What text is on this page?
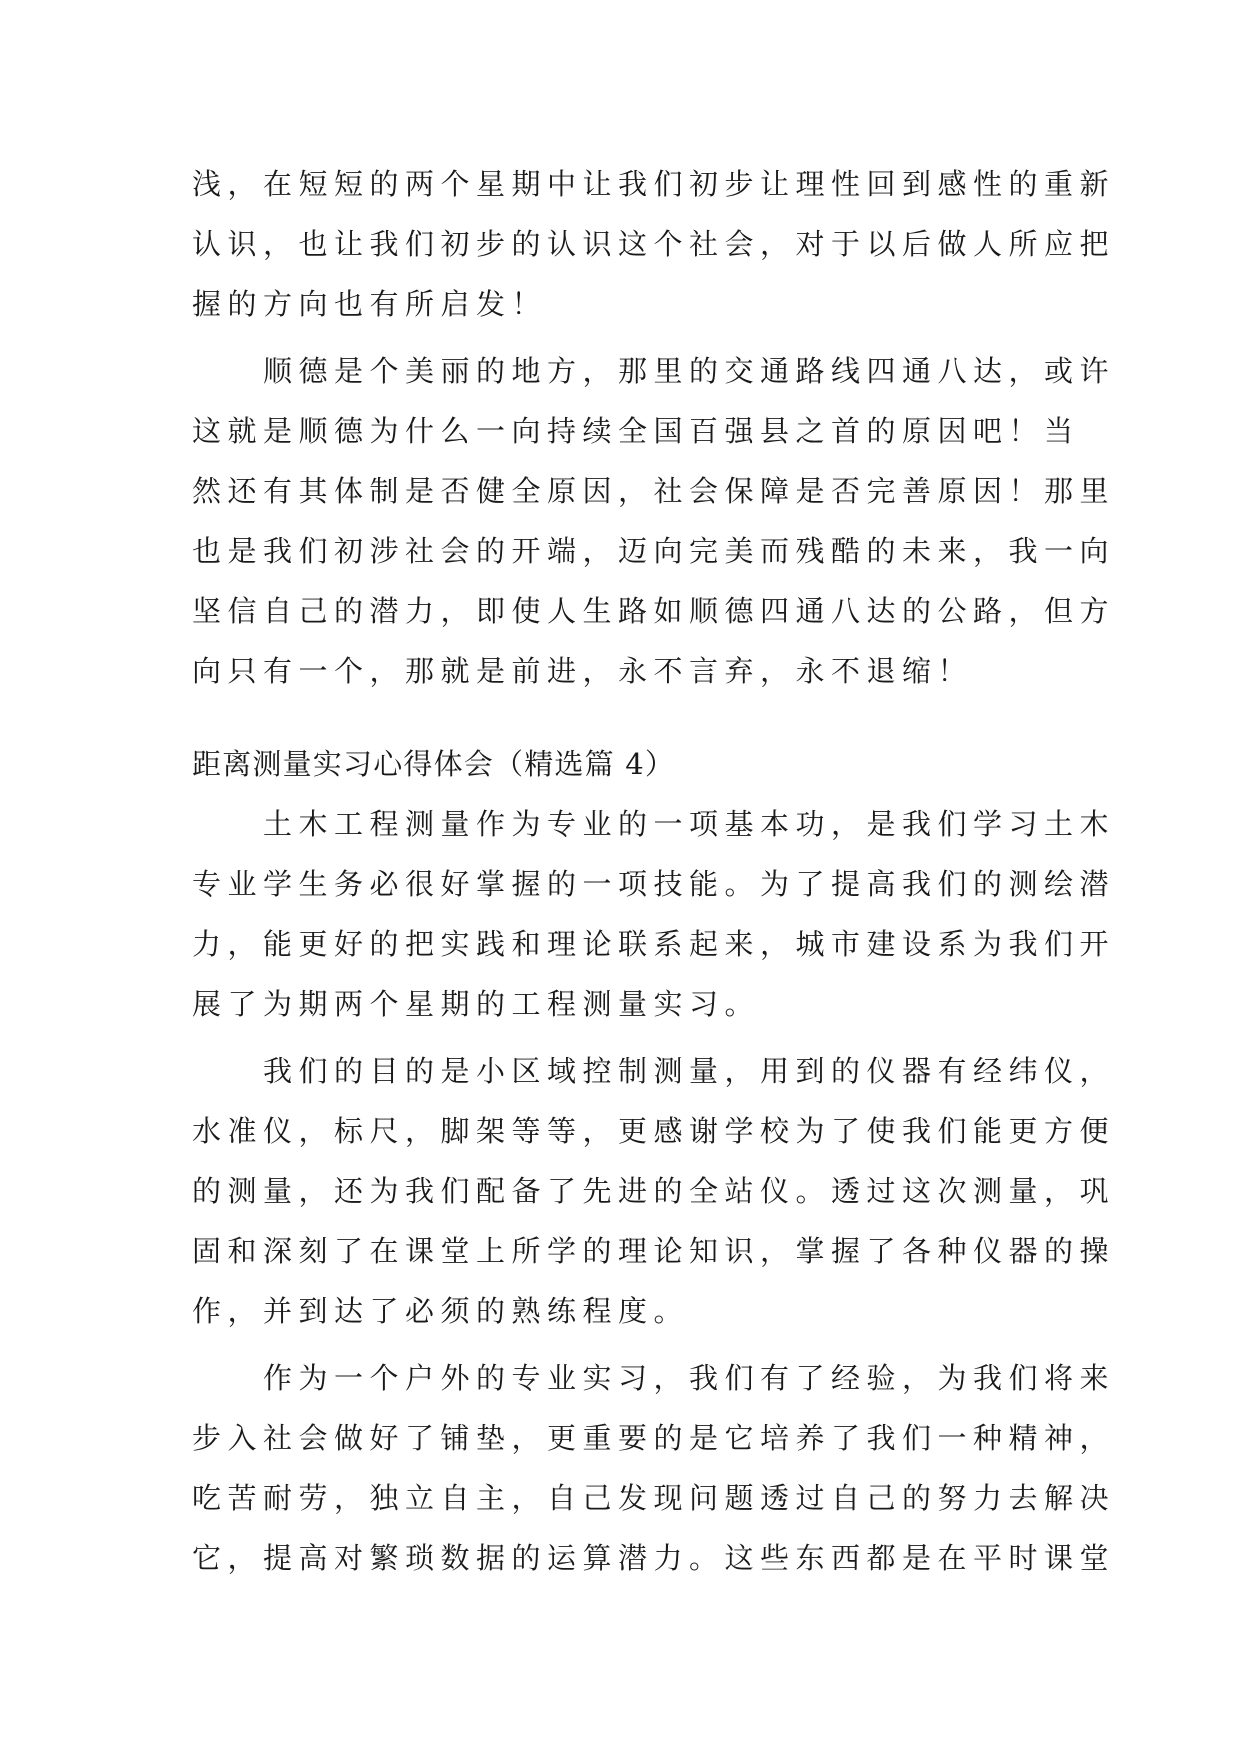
浅，在短短的两个星期中让我们初步让理性回到感性的重新

认识，也让我们初步的认识这个社会，对于以后做人所应把

握的方向也有所启发！

　　顺德是个美丽的地方，那里的交通路线四通八达，或许

这就是顺德为什么一向持续全国百强县之首的原因吧！当

然还有其体制是否健全原因，社会保障是否完善原因！那里

也是我们初涉社会的开端，迈向完美而残酷的未来，我一向

坚信自己的潜力，即使人生路如顺德四通八达的公路，但方

向只有一个，那就是前进，永不言弃，永不退缩！

距离测量实习心得体会（精选篇 4）

　　土木工程测量作为专业的一项基本功，是我们学习土木

专业学生务必很好掌握的一项技能。为了提高我们的测绘潜

力，能更好的把实践和理论联系起来，城市建设系为我们开

展了为期两个星期的工程测量实习。

　　我们的目的是小区域控制测量，用到的仪器有经纬仪，

水准仪，标尺，脚架等等，更感谢学校为了使我们能更方便

的测量，还为我们配备了先进的全站仪。透过这次测量，巩

固和深刻了在课堂上所学的理论知识，掌握了各种仪器的操

作，并到达了必须的熟练程度。

　　作为一个户外的专业实习，我们有了经验，为我们将来

步入社会做好了铺垫，更重要的是它培养了我们一种精神，

吃苦耐劳，独立自主，自己发现问题透过自己的努力去解决

它，提高对繁琐数据的运算潜力。这些东西都是在平时课堂
